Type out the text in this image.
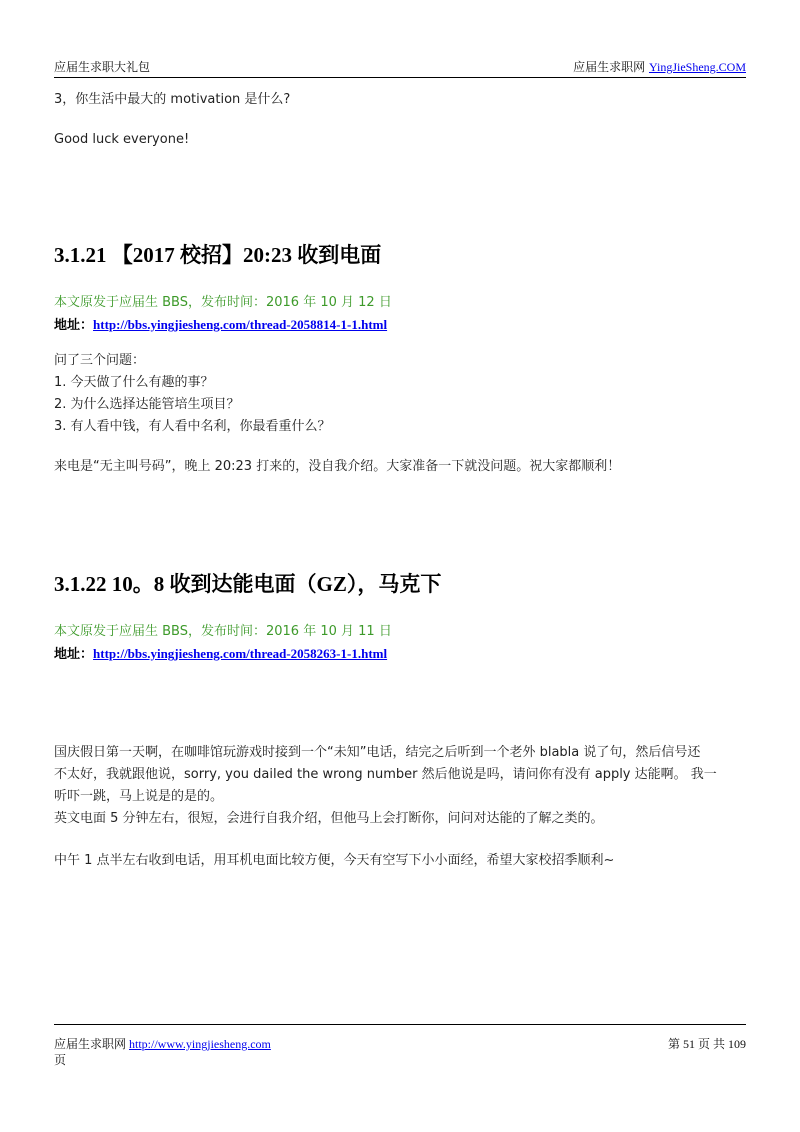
应届生求职大礼包	应届生求职网 YingJieSheng.COM
3，你生活中最大的 motivation 是什么?
Good luck everyone!
3.1.21 【2017 校招】20:23 收到电面
本文原发于应届生 BBS，发布时间：2016 年 10 月 12 日
地址：http://bbs.yingjiesheng.com/thread-2058814-1-1.html
问了三个问题：
1. 今天做了什么有趣的事？
2. 为什么选择达能管培生项目？
3. 有人看中钱，有人看中名利，你最看重什么？
来电是“无主叫号码”，晚上 20:23 打来的，没自我介绍。大家准备一下就没问题。祝大家都顺利！
3.1.22 10。8 收到达能电面（GZ），马克下
本文原发于应届生 BBS，发布时间：2016 年 10 月 11 日
地址：http://bbs.yingjiesheng.com/thread-2058263-1-1.html
国庆假日第一天啊，在咖啡馆玩游戏时接到一个“未知”电话，结完之后听到一个老外 blabla 说了句，然后信号还
不太好，我就跟他说，sorry, you dailed the wrong number 然后他说是吗，请问你有没有 apply 达能啊。 我一
听吓一跳，马上说是的是的。
英文电面 5 分钟左右，很短，会进行自我介绍，但他马上会打断你，问问对达能的了解之类的。
中午 1 点半左右收到电话，用耳机电面比较方便，今天有空写下小小面经，希望大家校招季顺利~
应届生求职网 http://www.yingjiesheng.com	第 51 页 共 109
页
